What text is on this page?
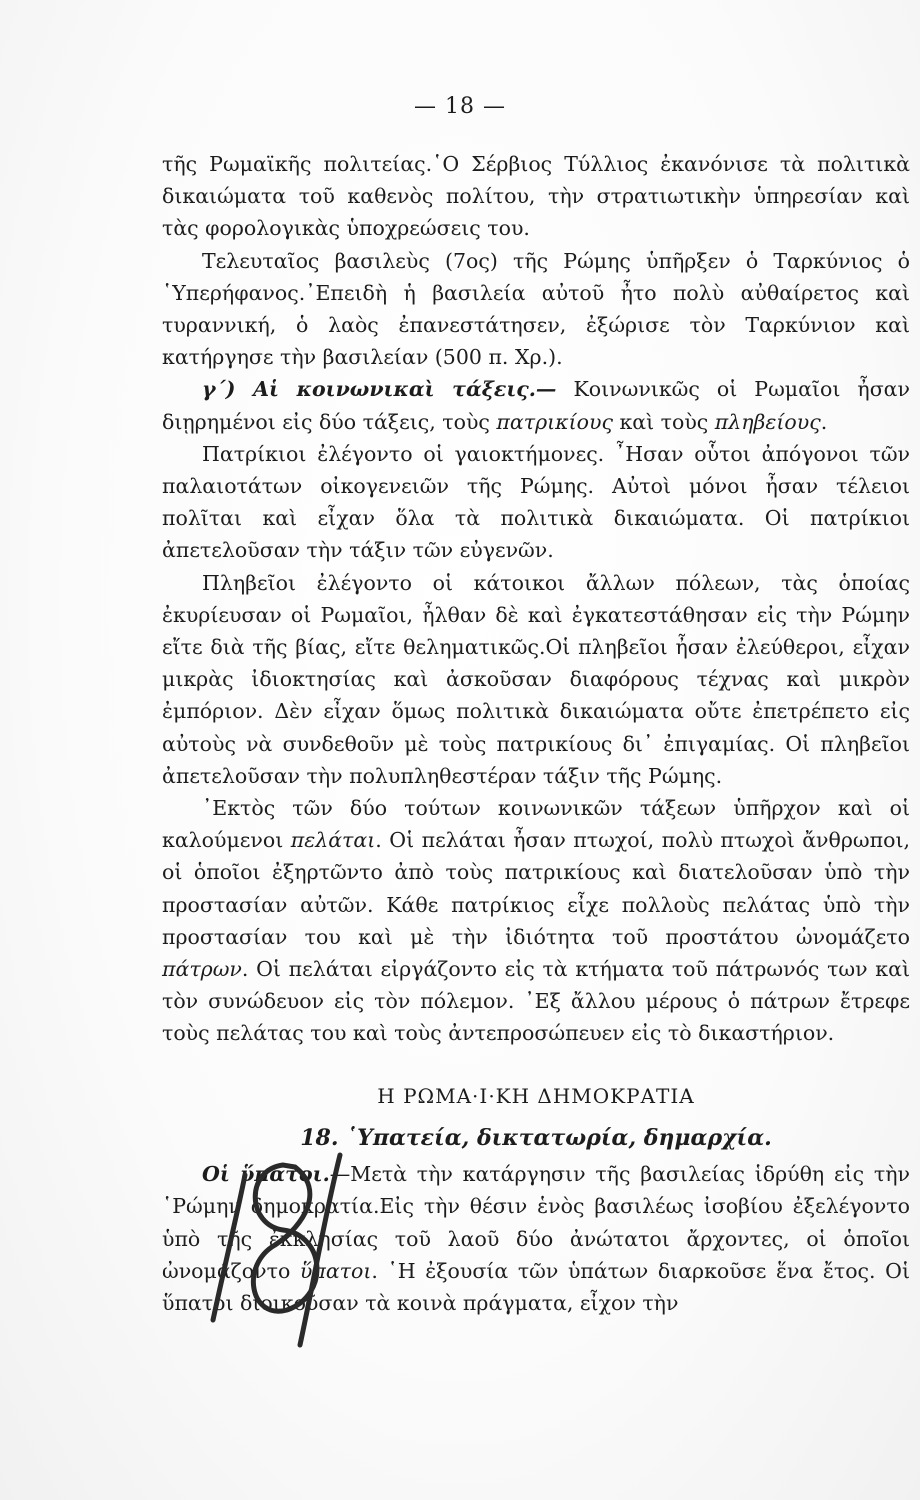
— 18 —

τῆς Ρωμαϊκῆς πολιτείας.῾Ο Σέρβιος Τύλλιος ἐκανόνισε τὰ πολιτικὰ δικαιώματα τοῦ καθενὸς πολίτου, τὴν στρατιωτικὴν ὑπηρεσίαν καὶ τὰς φορολογικὰς ὑποχρεώσεις του.

Τελευταῖος βασιλεὺς (7ος) τῆς Ρώμης ὑπῆρξεν ὁ Ταρκύνιος ὁ ῾Υπερήφανος.᾽Επειδὴ ἡ βασιλεία αὐτοῦ ἦτο πολὺ αὐθαίρετος καὶ τυραννική, ὁ λαὸς ἐπανεστάτησεν, ἐξώρισε τὸν Ταρκύνιον καὶ κατήργησε τὴν βασιλείαν (500 π. Χρ.).

γ΄) Αἱ κοινωνικαὶ τάξεις.— Κοινωνικῶς οἱ Ρωμαῖοι ἦσαν διῃρημένοι εἰς δύο τάξεις, τοὺς πατρικίους καὶ τοὺς πληβείους.

Πατρίκιοι ἐλέγοντο οἱ γαιοκτήμονες. ῏Ησαν οὗτοι ἀπόγονοι τῶν παλαιοτάτων οἰκογενειῶν τῆς Ρώμης. Αὐτοὶ μόνοι ἦσαν τέλειοι πολῖται καὶ εἶχαν ὅλα τὰ πολιτικὰ δικαιώματα. Οἱ πατρίκιοι ἀπετελοῦσαν τὴν τάξιν τῶν εὐγενῶν.

Πληβεῖοι ἐλέγοντο οἱ κάτοικοι ἄλλων πόλεων, τὰς ὁποίας ἐκυρίευσαν οἱ Ρωμαῖοι, ἦλθαν δὲ καὶ ἐγκατεστάθησαν εἰς τὴν Ρώμην εἴτε διὰ τῆς βίας, εἴτε θεληματικῶς.Οἱ πληβεῖοι ἦσαν ἐλεύθεροι, εἶχαν μικρὰς ἰδιοκτησίας καὶ ἀσκοῦσαν διαφόρους τέχνας καὶ μικρὸν ἐμπόριον. Δὲν εἶχαν ὅμως πολιτικὰ δικαιώματα οὔτε ἐπετρέπετο εἰς αὐτοὺς νὰ συνδεθοῦν μὲ τοὺς πατρικίους δι᾽ ἐπιγαμίας. Οἱ πληβεῖοι ἀπετελοῦσαν τὴν πολυπληθεστέραν τάξιν τῆς Ρώμης.

᾽Εκτὸς τῶν δύο τούτων κοινωνικῶν τάξεων ὑπῆρχον καὶ οἱ καλούμενοι πελάται. Οἱ πελάται ἦσαν πτωχοί, πολὺ πτωχοὶ ἄνθρωποι, οἱ ὁποῖοι ἐξηρτῶντο ἀπὸ τοὺς πατρικίους καὶ διατελοῦσαν ὑπὸ τὴν προστασίαν αὐτῶν. Κάθε πατρίκιος εἶχε πολλοὺς πελάτας ὑπὸ τὴν προστασίαν του καὶ μὲ τὴν ἰδιότητα τοῦ προστάτου ὠνομάζετο πάτρων. Οἱ πελάται εἰργάζοντο εἰς τὰ κτήματα τοῦ πάτρωνός των καὶ τὸν συνώδευον εἰς τὸν πόλεμον. ᾽Εξ ἄλλου μέρους ὁ πάτρων ἔτρεφε τοὺς πελάτας του καὶ τοὺς ἀντεπροσώπευεν εἰς τὸ δικαστήριον.

Η ΡΩΜΑ·Ι·ΚΗ ΔΗΜΟΚΡΑΤΙΑ

18. ῾Υπατεία, δικτατωρία, δημαρχία.

Οἱ ὕπατοι.—Μετὰ τὴν κατάργησιν τῆς βασιλείας ἱδρύθη εἰς τὴν ῾Ρώμην δημοκρατία.Εἰς τὴν θέσιν ἑνὸς βασιλέως ἰσοβίου ἐξελέγοντο ὑπὸ τῆς ἐκκλησίας τοῦ λαοῦ δύο ἀνώτατοι ἄρχοντες, οἱ ὁποῖοι ὠνομάζοντο ὕπατοι. ῾Η ἐξουσία τῶν ὑπάτων διαρκοῦσε ἕνα ἔτος. Οἱ ὕπατοι διοικοῦσαν τὰ κοινὰ πράγματα, εἶχον τὴν
